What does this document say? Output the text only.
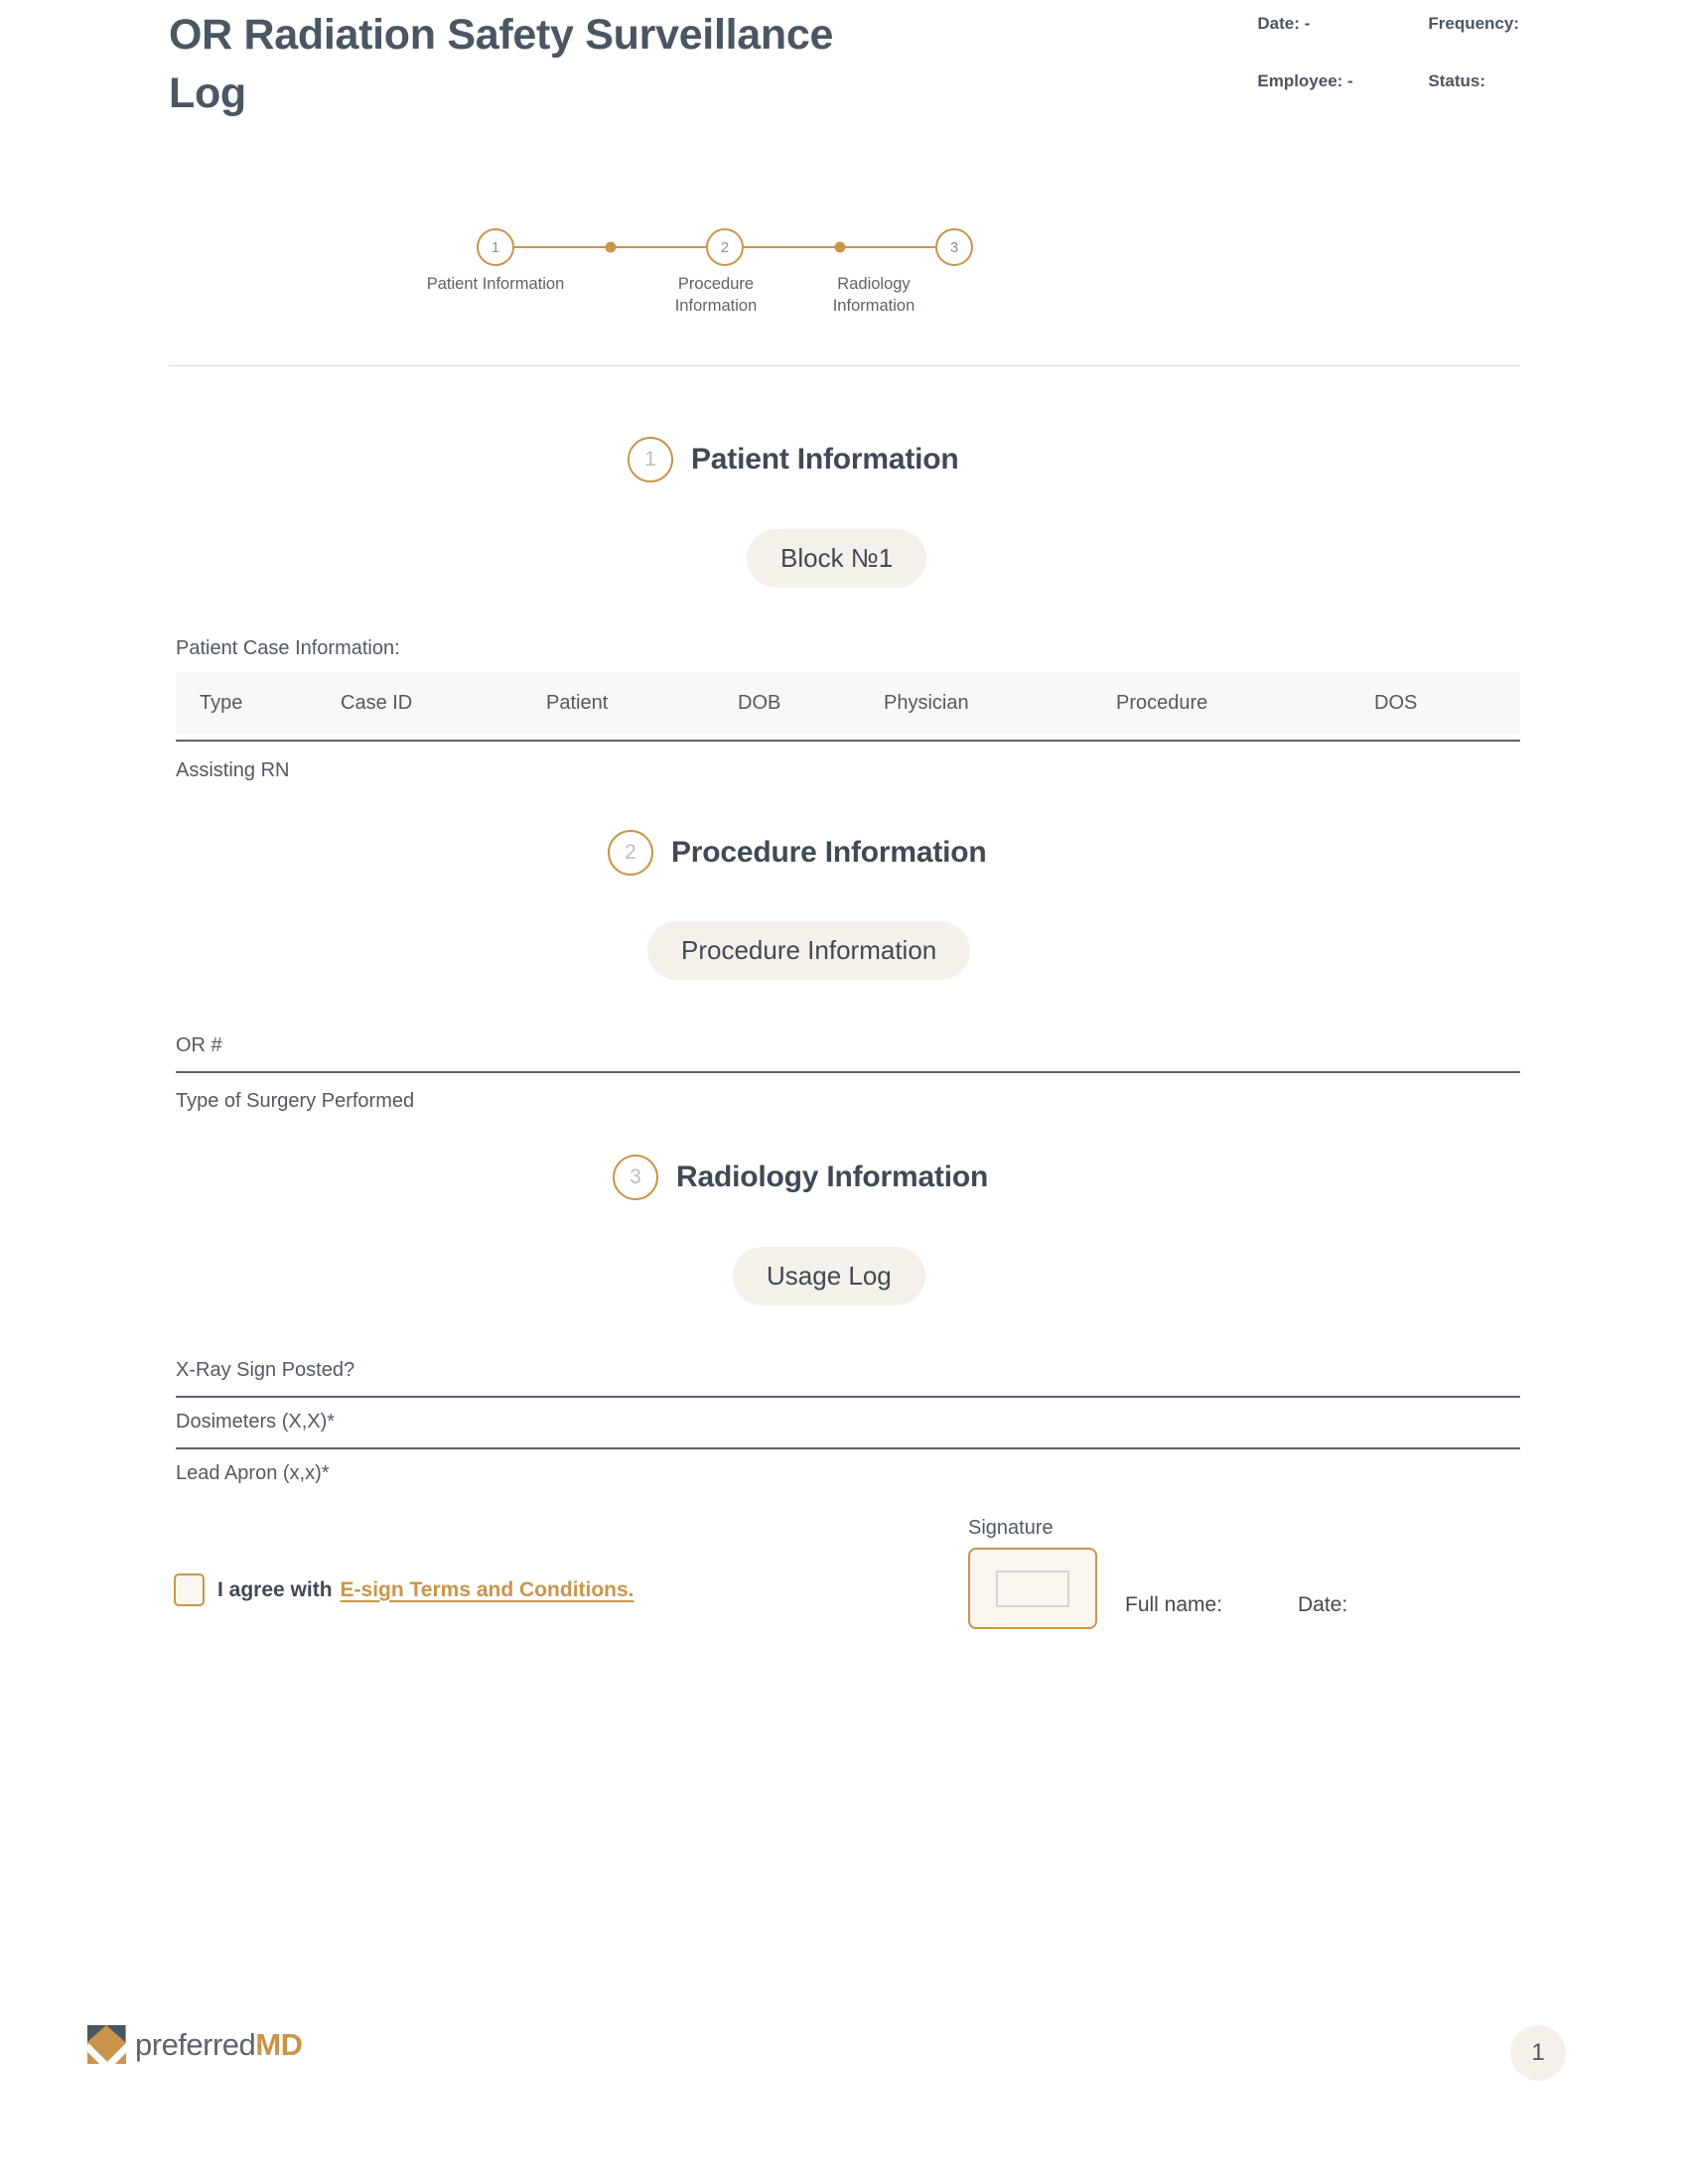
OR Radiation Safety Surveillance Log
Date: -	Frequency:
Employee: -	Status:
1	2	3
Patient Information	Procedure Information
Radiology Information
1 Patient Information
Block №1
Patient Case Information:
Type	Case ID	Patient	DOB	Physician	Procedure	DOS
Assisting RN
2 Procedure Information
Procedure Information
OR #
Type of Surgery Performed
3 Radiology Information
Usage Log
X-Ray Sign Posted?
Dosimeters (X,X)*
Lead Apron (x,x)*
I agree with E-sign Terms and Conditions.
Signature
Full name:	Date:
preferredMD	1
